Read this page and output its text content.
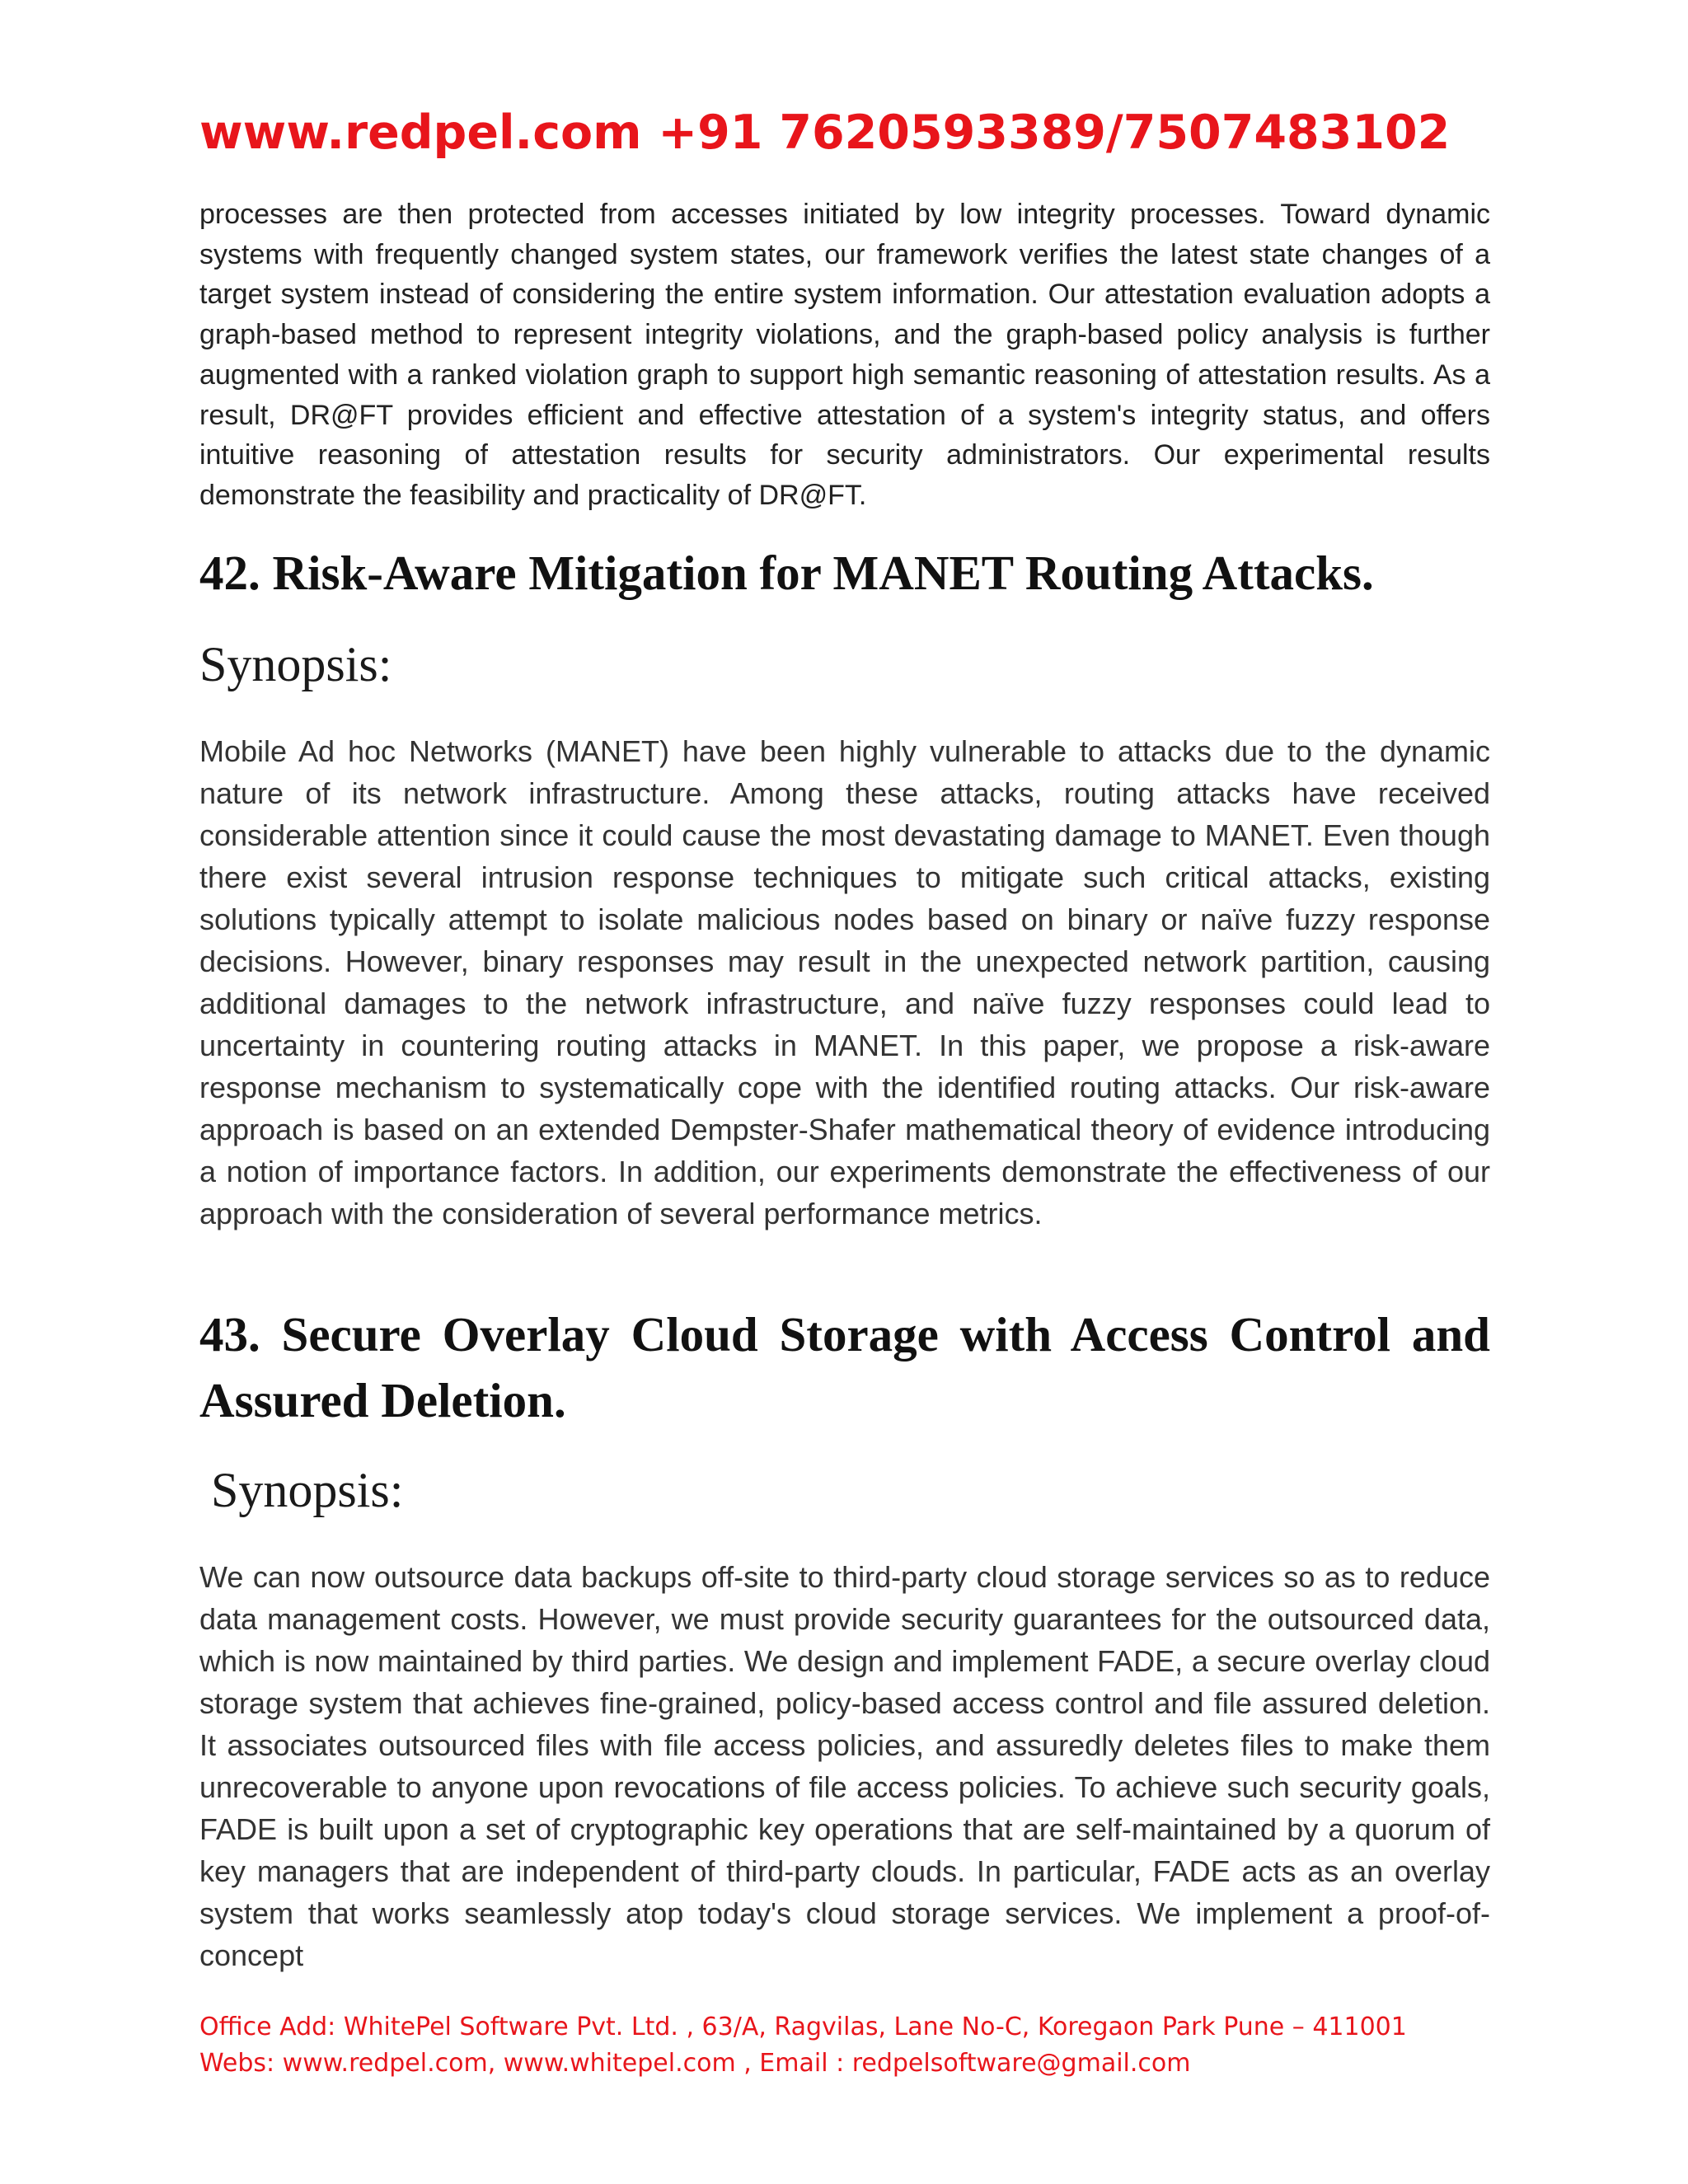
www.redpel.com +91 7620593389/7507483102

processes are then protected from accesses initiated by low integrity processes. Toward dynamic systems with frequently changed system states, our framework verifies the latest state changes of a target system instead of considering the entire system information. Our attestation evaluation adopts a graph-based method to represent integrity violations, and the graph-based policy analysis is further augmented with a ranked violation graph to support high semantic reasoning of attestation results. As a result, DR@FT provides efficient and effective attestation of a system's integrity status, and offers intuitive reasoning of attestation results for security administrators. Our experimental results demonstrate the feasibility and practicality of DR@FT.

42. Risk-Aware Mitigation for MANET Routing Attacks.
Synopsis:

Mobile Ad hoc Networks (MANET) have been highly vulnerable to attacks due to the dynamic nature of its network infrastructure. Among these attacks, routing attacks have received considerable attention since it could cause the most devastating damage to MANET. Even though there exist several intrusion response techniques to mitigate such critical attacks, existing solutions typically attempt to isolate malicious nodes based on binary or naïve fuzzy response decisions. However, binary responses may result in the unexpected network partition, causing additional damages to the network infrastructure, and naïve fuzzy responses could lead to uncertainty in countering routing attacks in MANET. In this paper, we propose a risk-aware response mechanism to systematically cope with the identified routing attacks. Our risk-aware approach is based on an extended Dempster-Shafer mathematical theory of evidence introducing a notion of importance factors. In addition, our experiments demonstrate the effectiveness of our approach with the consideration of several performance metrics.

43. Secure Overlay Cloud Storage with Access Control and Assured Deletion.
Synopsis:

We can now outsource data backups off-site to third-party cloud storage services so as to reduce data management costs. However, we must provide security guarantees for the outsourced data, which is now maintained by third parties. We design and implement FADE, a secure overlay cloud storage system that achieves fine-grained, policy-based access control and file assured deletion. It associates outsourced files with file access policies, and assuredly deletes files to make them unrecoverable to anyone upon revocations of file access policies. To achieve such security goals, FADE is built upon a set of cryptographic key operations that are self-maintained by a quorum of key managers that are independent of third-party clouds. In particular, FADE acts as an overlay system that works seamlessly atop today's cloud storage services. We implement a proof-of-concept

Office Add: WhitePel Software Pvt. Ltd. , 63/A, Ragvilas, Lane No-C, Koregaon Park Pune – 411001
Webs: www.redpel.com, www.whitepel.com , Email : redpelsoftware@gmail.com
